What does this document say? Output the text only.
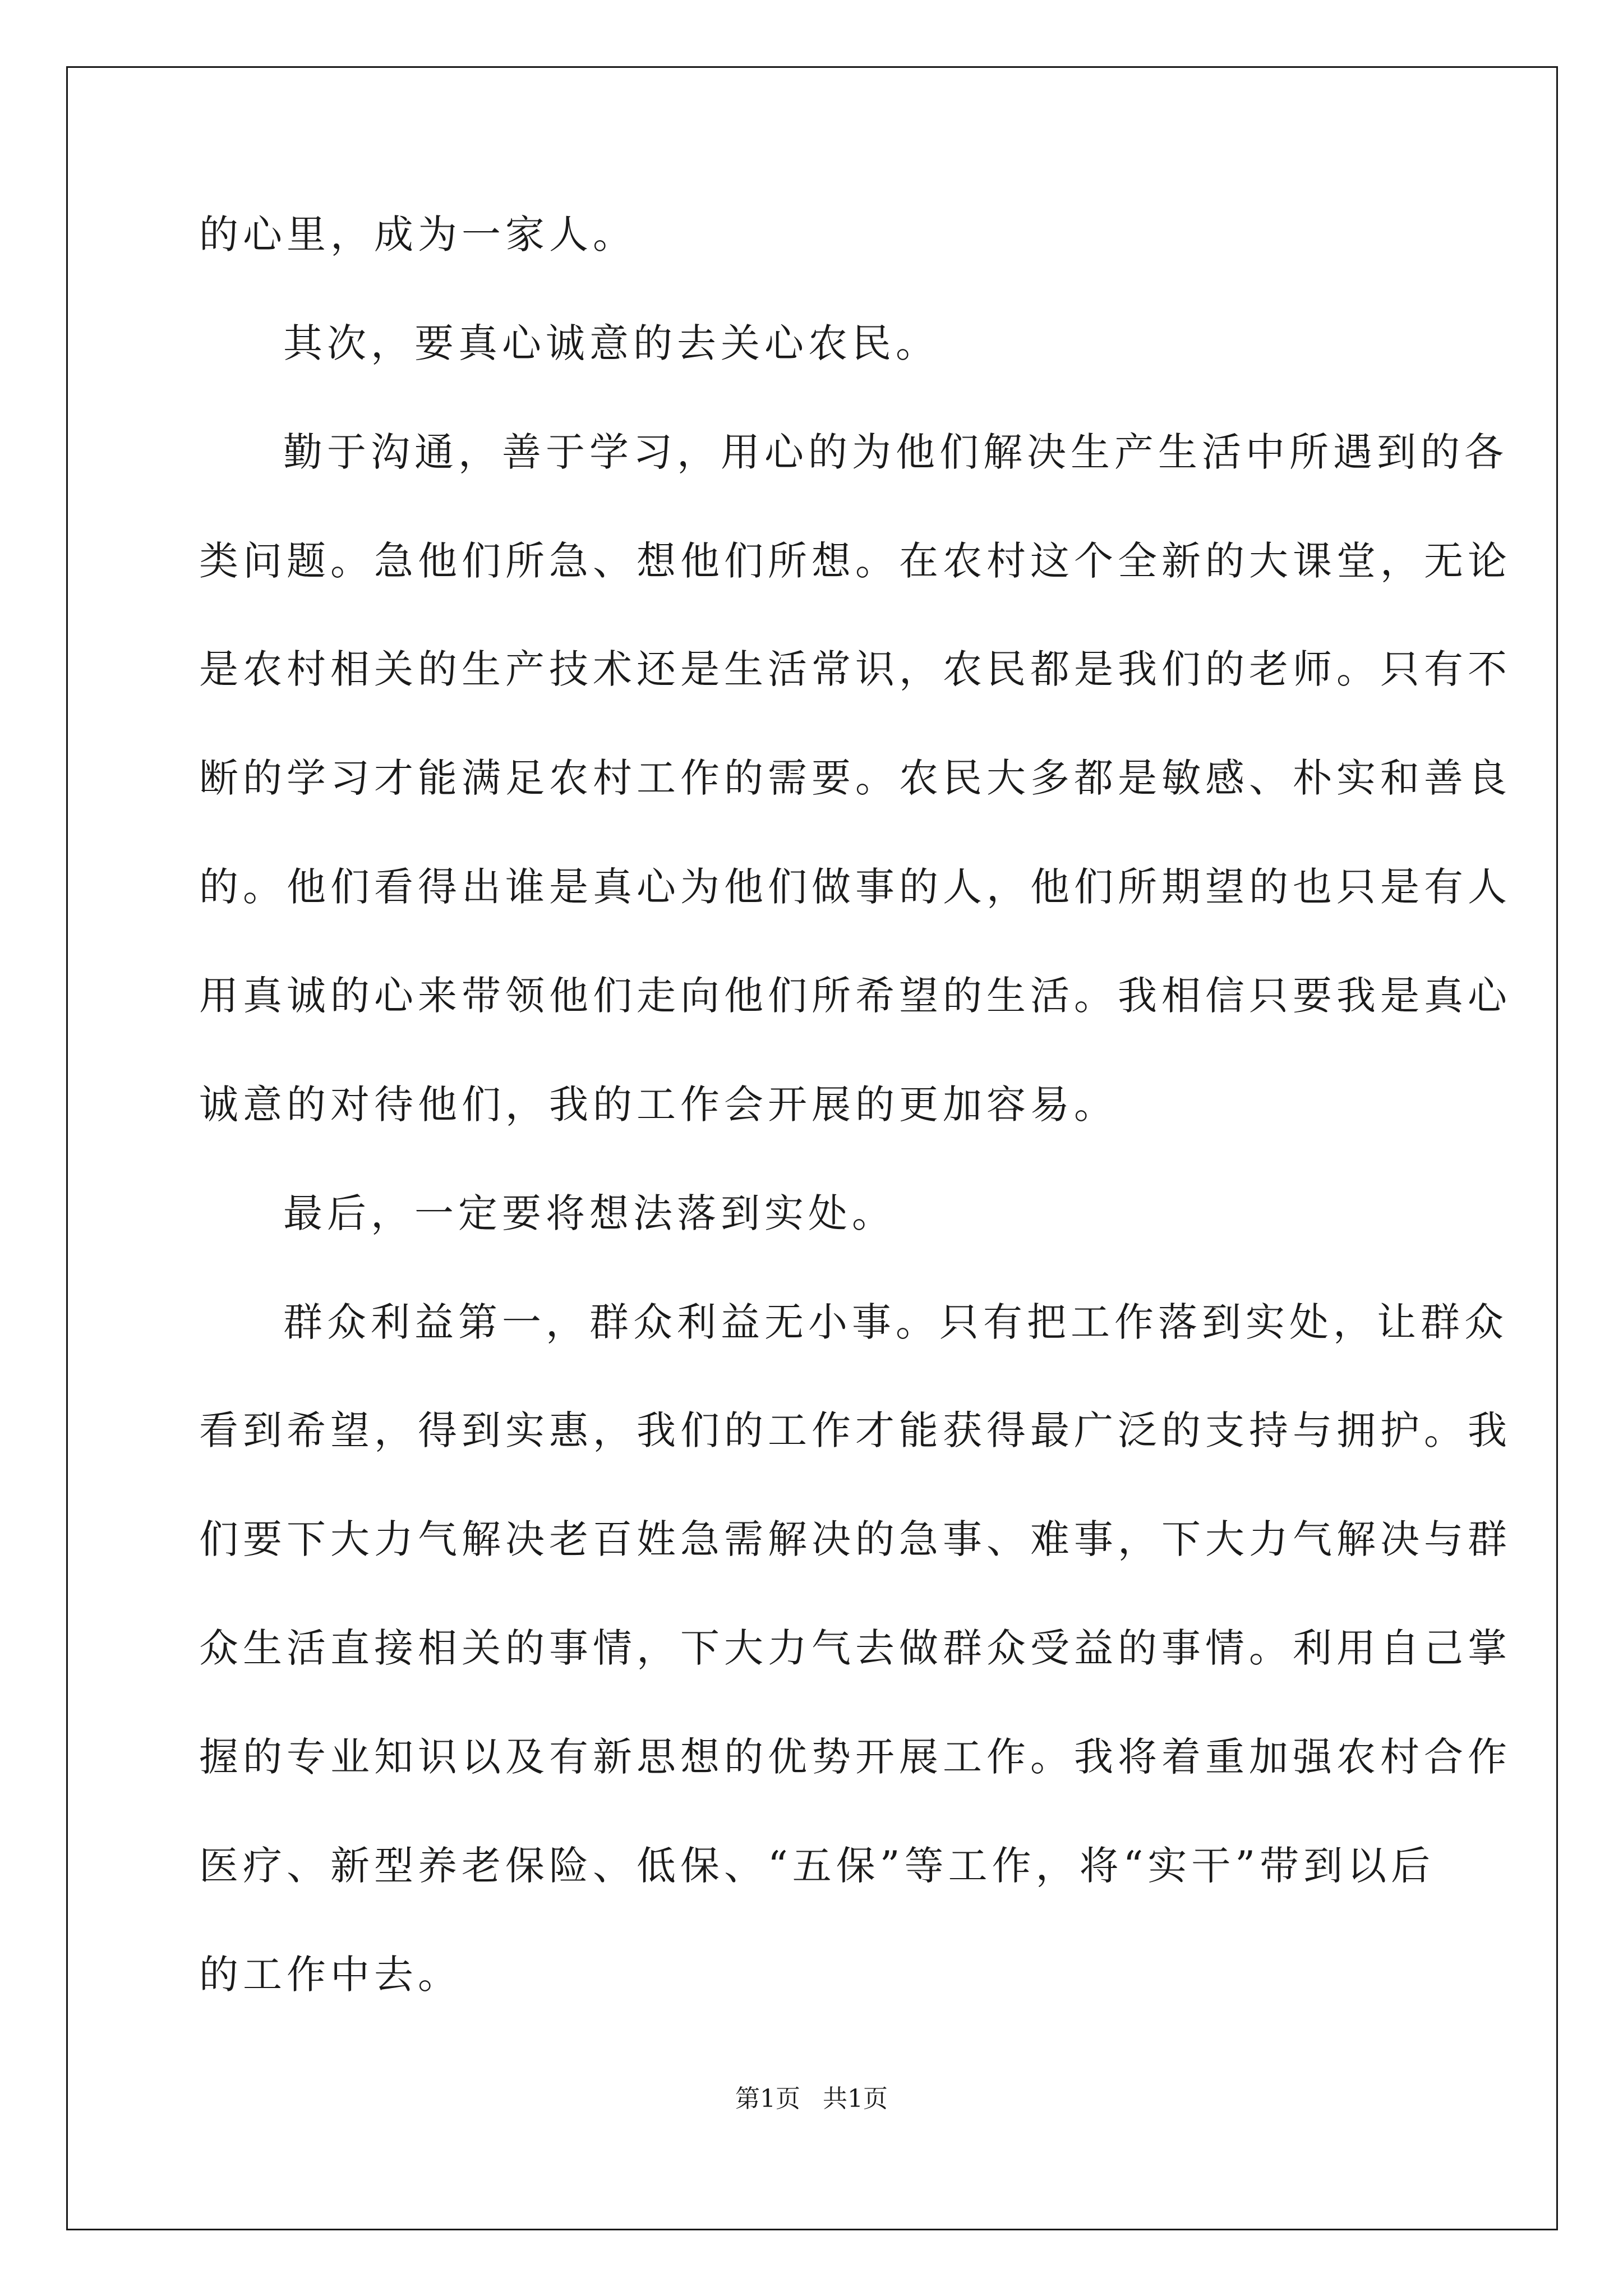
的心里，成为一家人。
其次，要真心诚意的去关心农民。
勤于沟通，善于学习，用心的为他们解决生产生活中所遇到的各
类问题。急他们所急、想他们所想。在农村这个全新的大课堂，无论
是农村相关的生产技术还是生活常识，农民都是我们的老师。只有不
断的学习才能满足农村工作的需要。农民大多都是敏感、朴实和善良
的。他们看得出谁是真心为他们做事的人，他们所期望的也只是有人
用真诚的心来带领他们走向他们所希望的生活。我相信只要我是真心
诚意的对待他们，我的工作会开展的更加容易。
最后，一定要将想法落到实处。
群众利益第一，群众利益无小事。只有把工作落到实处，让群众
看到希望，得到实惠，我们的工作才能获得最广泛的支持与拥护。我
们要下大力气解决老百姓急需解决的急事、难事，下大力气解决与群
众生活直接相关的事情，下大力气去做群众受益的事情。利用自己掌
握的专业知识以及有新思想的优势开展工作。我将着重加强农村合作
医疗、新型养老保险、低保、“五保”等工作，将“实干”带到以后
的工作中去。
第1页 共1页
